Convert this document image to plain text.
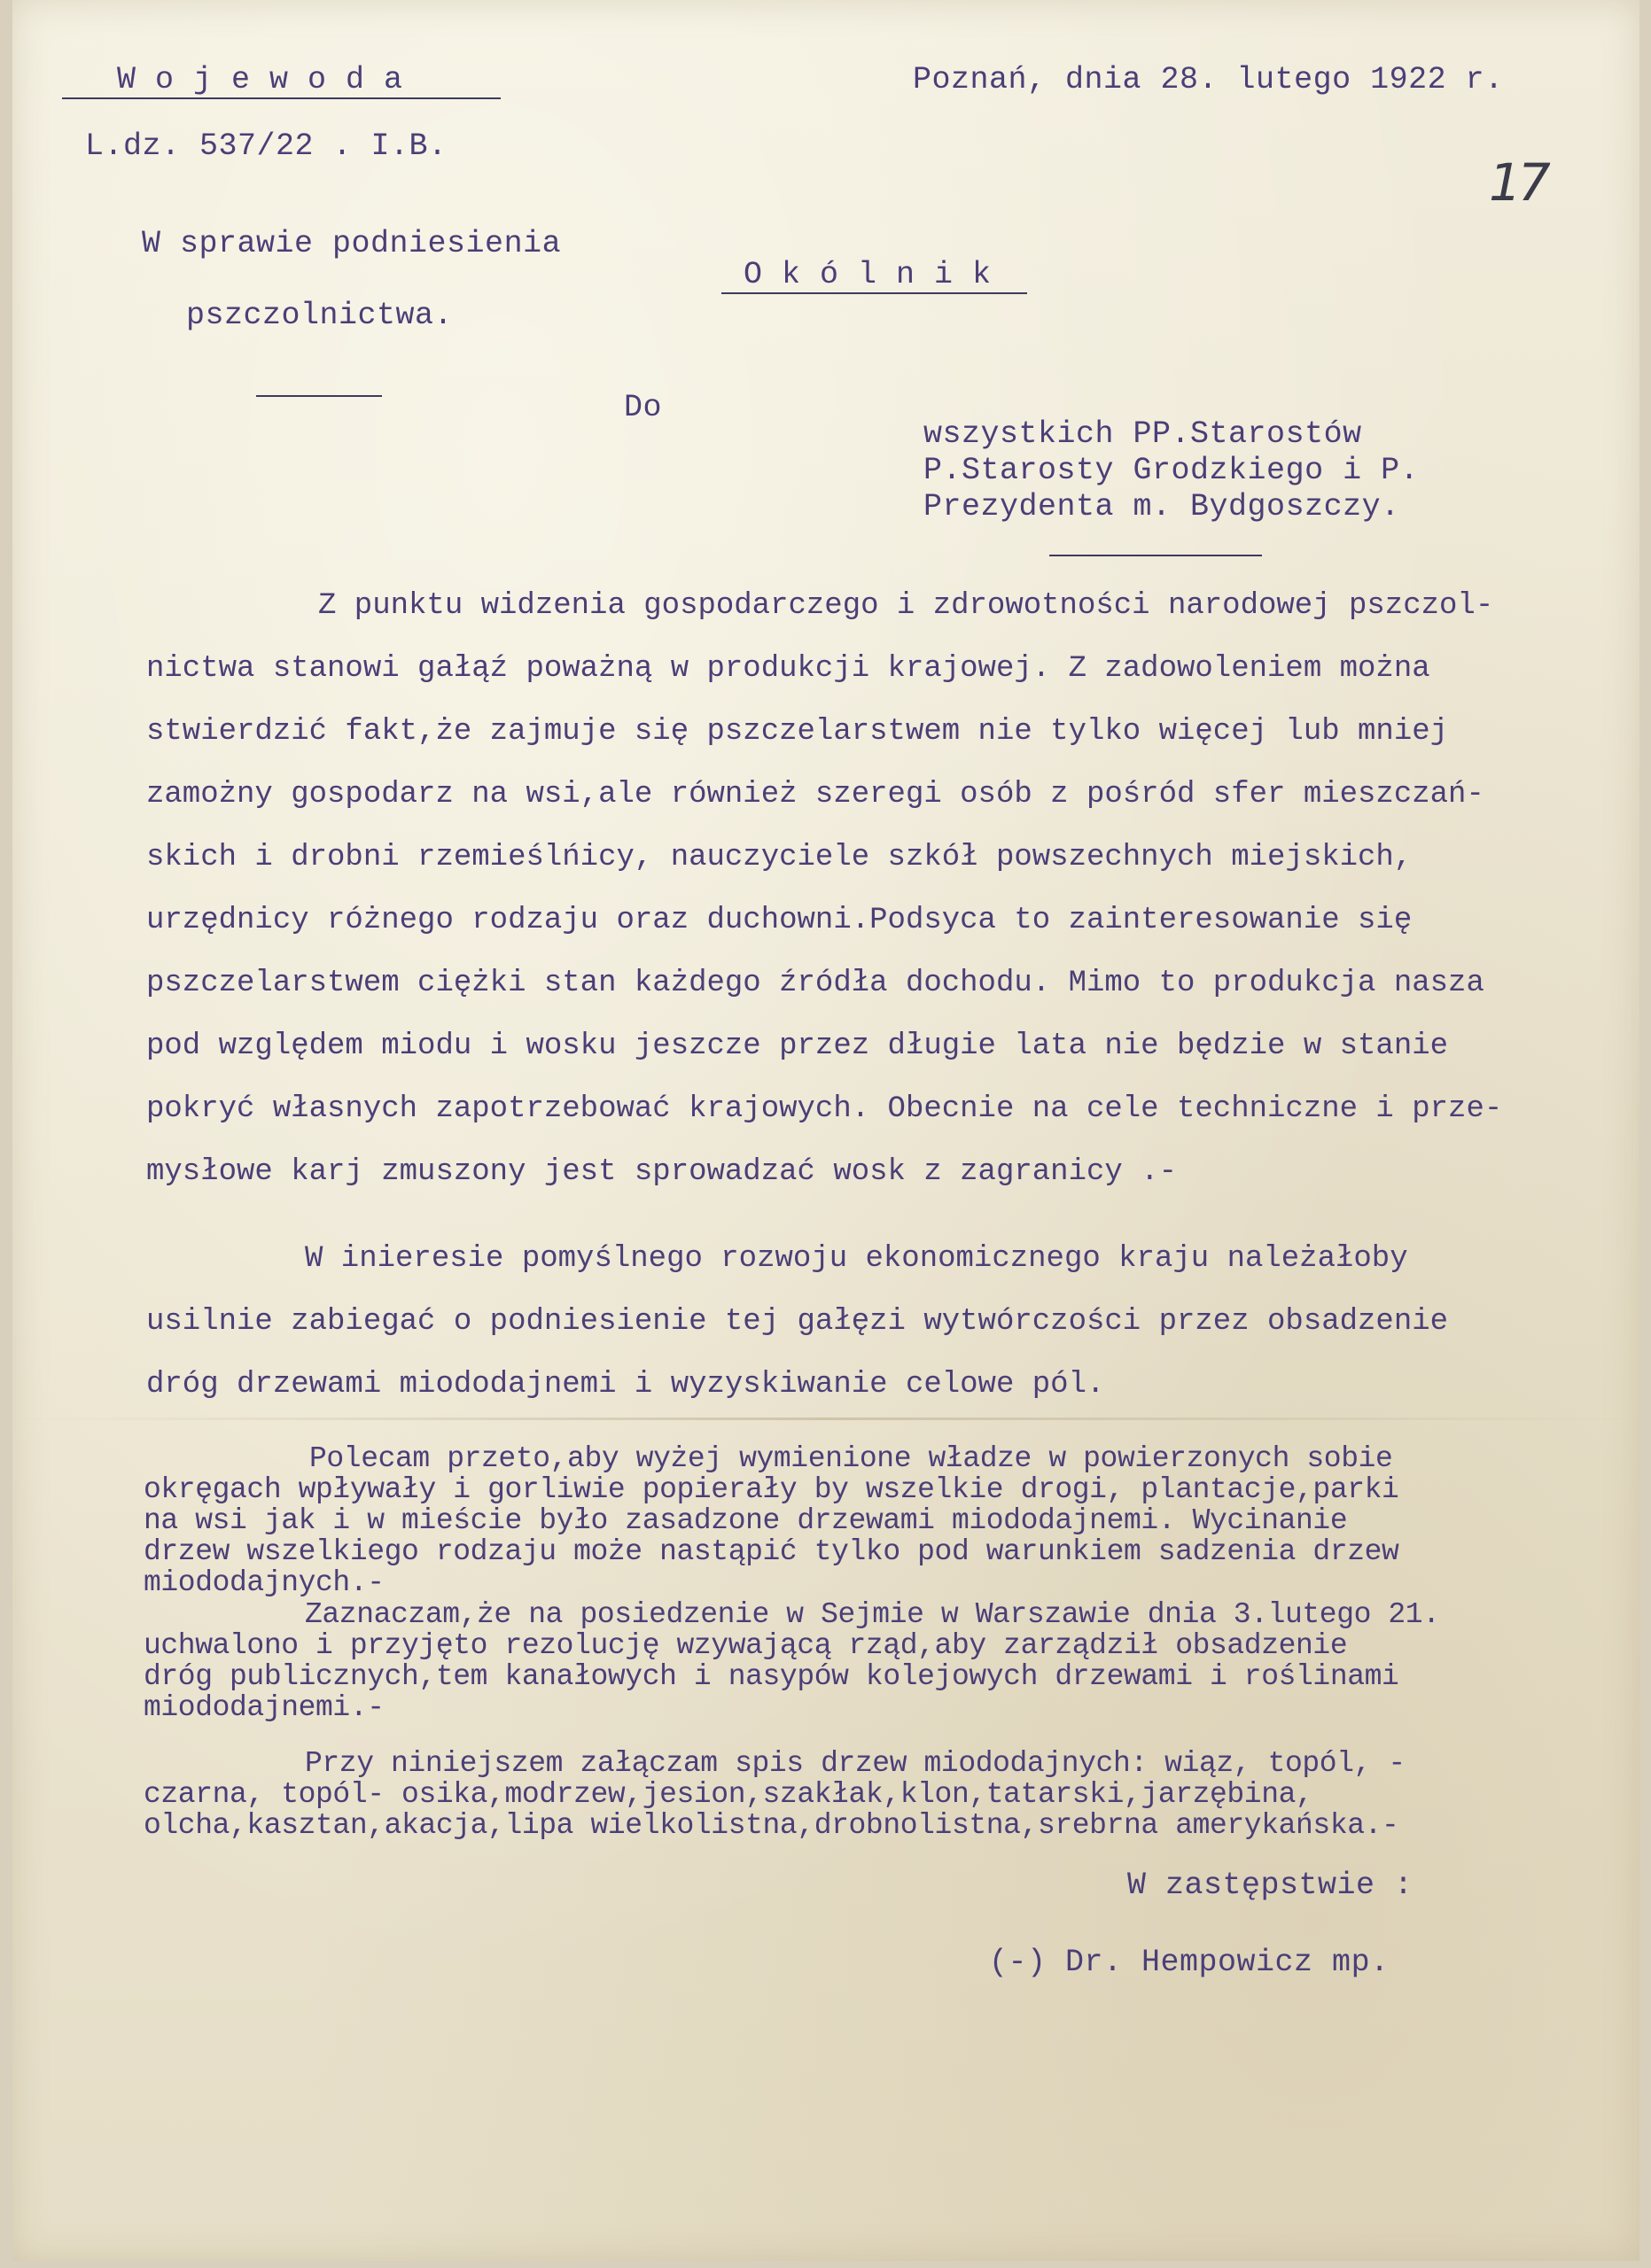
W o j e w o d a	Poznań, dnia 28. lutego 1922 r.
L.dz. 537/22 . I.B.
17
W sprawie podniesienia
pszczolnictwa.
O k ó l n i k
Do
wszystkich PP.Starostów
P.Starosty Grodzkiego i P.
Prezydenta m. Bydgoszczy.
Z punktu widzenia gospodarczego i zdrowotności narodowej pszczol-
nictwa stanowi gałąź poważną w produkcji krajowej. Z zadowoleniem można
stwierdzić fakt,że zajmuje się pszczelarstwem nie tylko więcej lub mniej
zamożny gospodarz na wsi,ale również szeregi osób z pośród sfer mieszczań-
skich i drobni rzemieślńicy, nauczyciele szkół powszechnych miejskich,
urzędnicy różnego rodzaju oraz duchowni.Podsyca to zainteresowanie się
pszczelarstwem ciężki stan każdego źródła dochodu. Mimo to produkcja nasza
pod względem miodu i wosku jeszcze przez długie lata nie będzie w stanie
pokryć własnych zapotrzebować krajowych. Obecnie na cele techniczne i prze-
mysłowe karj zmuszony jest sprowadzać wosk z zagranicy .-
W inieresie pomyślnego rozwoju ekonomicznego kraju należałoby
usilnie zabiegać o podniesienie tej gałęzi wytwórczości przez obsadzenie
dróg drzewami miododajnemi i wyzyskiwanie celowe pól.
Polecam przeto,aby wyżej wymienione władze w powierzonych sobie
okręgach wpływały i gorliwie popierały by wszelkie drogi, plantacje,parki
na wsi jak i w mieście było zasadzone drzewami miododajnemi. Wycinanie
drzew wszelkiego rodzaju może nastąpić tylko pod warunkiem sadzenia drzew
miododajnych.-
Zaznaczam,że na posiedzenie w Sejmie w Warszawie dnia 3.lutego 21.
uchwalono i przyjęto rezolucję wzywającą rząd,aby zarządził obsadzenie
dróg publicznych,tem kanałowych i nasypów kolejowych drzewami i roślinami
miododajnemi.-
Przy niniejszem załączam spis drzew miododajnych: wiąz, topól, -
czarna, topól- osika,modrzew,jesion,szakłak,klon,tatarski,jarzębina,
olcha,kasztan,akacja,lipa wielkolistna,drobnolistna,srebrna amerykańska.-
W zastępstwie :
(-) Dr. Hempowicz mp.
